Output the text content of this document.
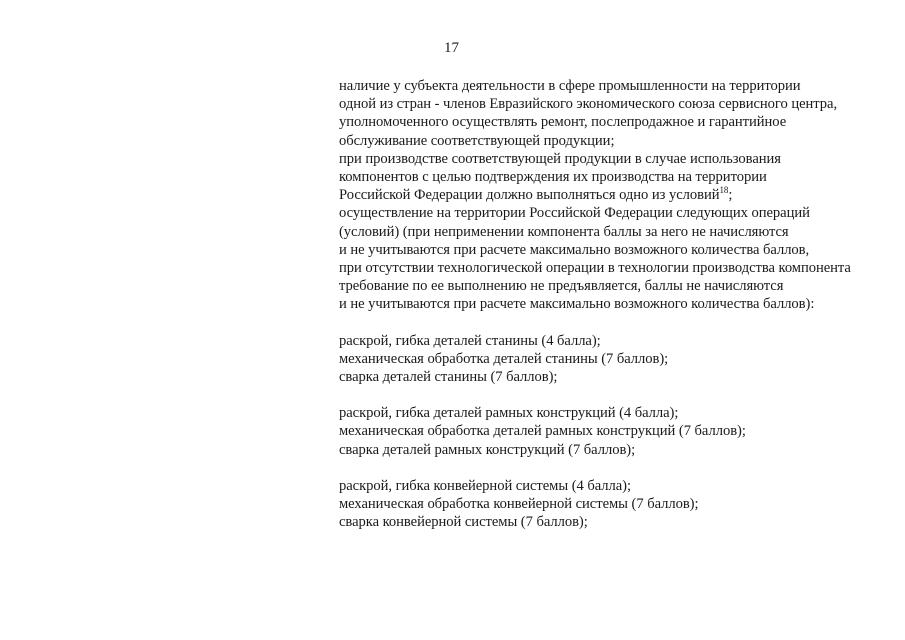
17

наличие у субъекта деятельности в сфере промышленности на территории
одной из стран - членов Евразийского экономического союза сервисного центра,
уполномоченного осуществлять ремонт, послепродажное и гарантийное
обслуживание соответствующей продукции;
при производстве соответствующей продукции в случае использования
компонентов с целью подтверждения их производства на территории
Российской Федерации должно выполняться одно из условий$^{18}$;
осуществление на территории Российской Федерации следующих операций
(условий) (при неприменении компонента баллы за него не начисляются
и не учитываются при расчете максимально возможного количества баллов,
при отсутствии технологической операции в технологии производства компонента
требование по ее выполнению не предъявляется, баллы не начисляются
и не учитываются при расчете максимально возможного количества баллов):

раскрой, гибка деталей станины (4 балла);
механическая обработка деталей станины (7 баллов);
сварка деталей станины (7 баллов);
раскрой, гибка деталей рамных конструкций (4 балла);
механическая обработка деталей рамных конструкций (7 баллов);
сварка деталей рамных конструкций (7 баллов);
раскрой, гибка конвейерной системы (4 балла);
механическая обработка конвейерной системы (7 баллов);
сварка конвейерной системы (7 баллов);
